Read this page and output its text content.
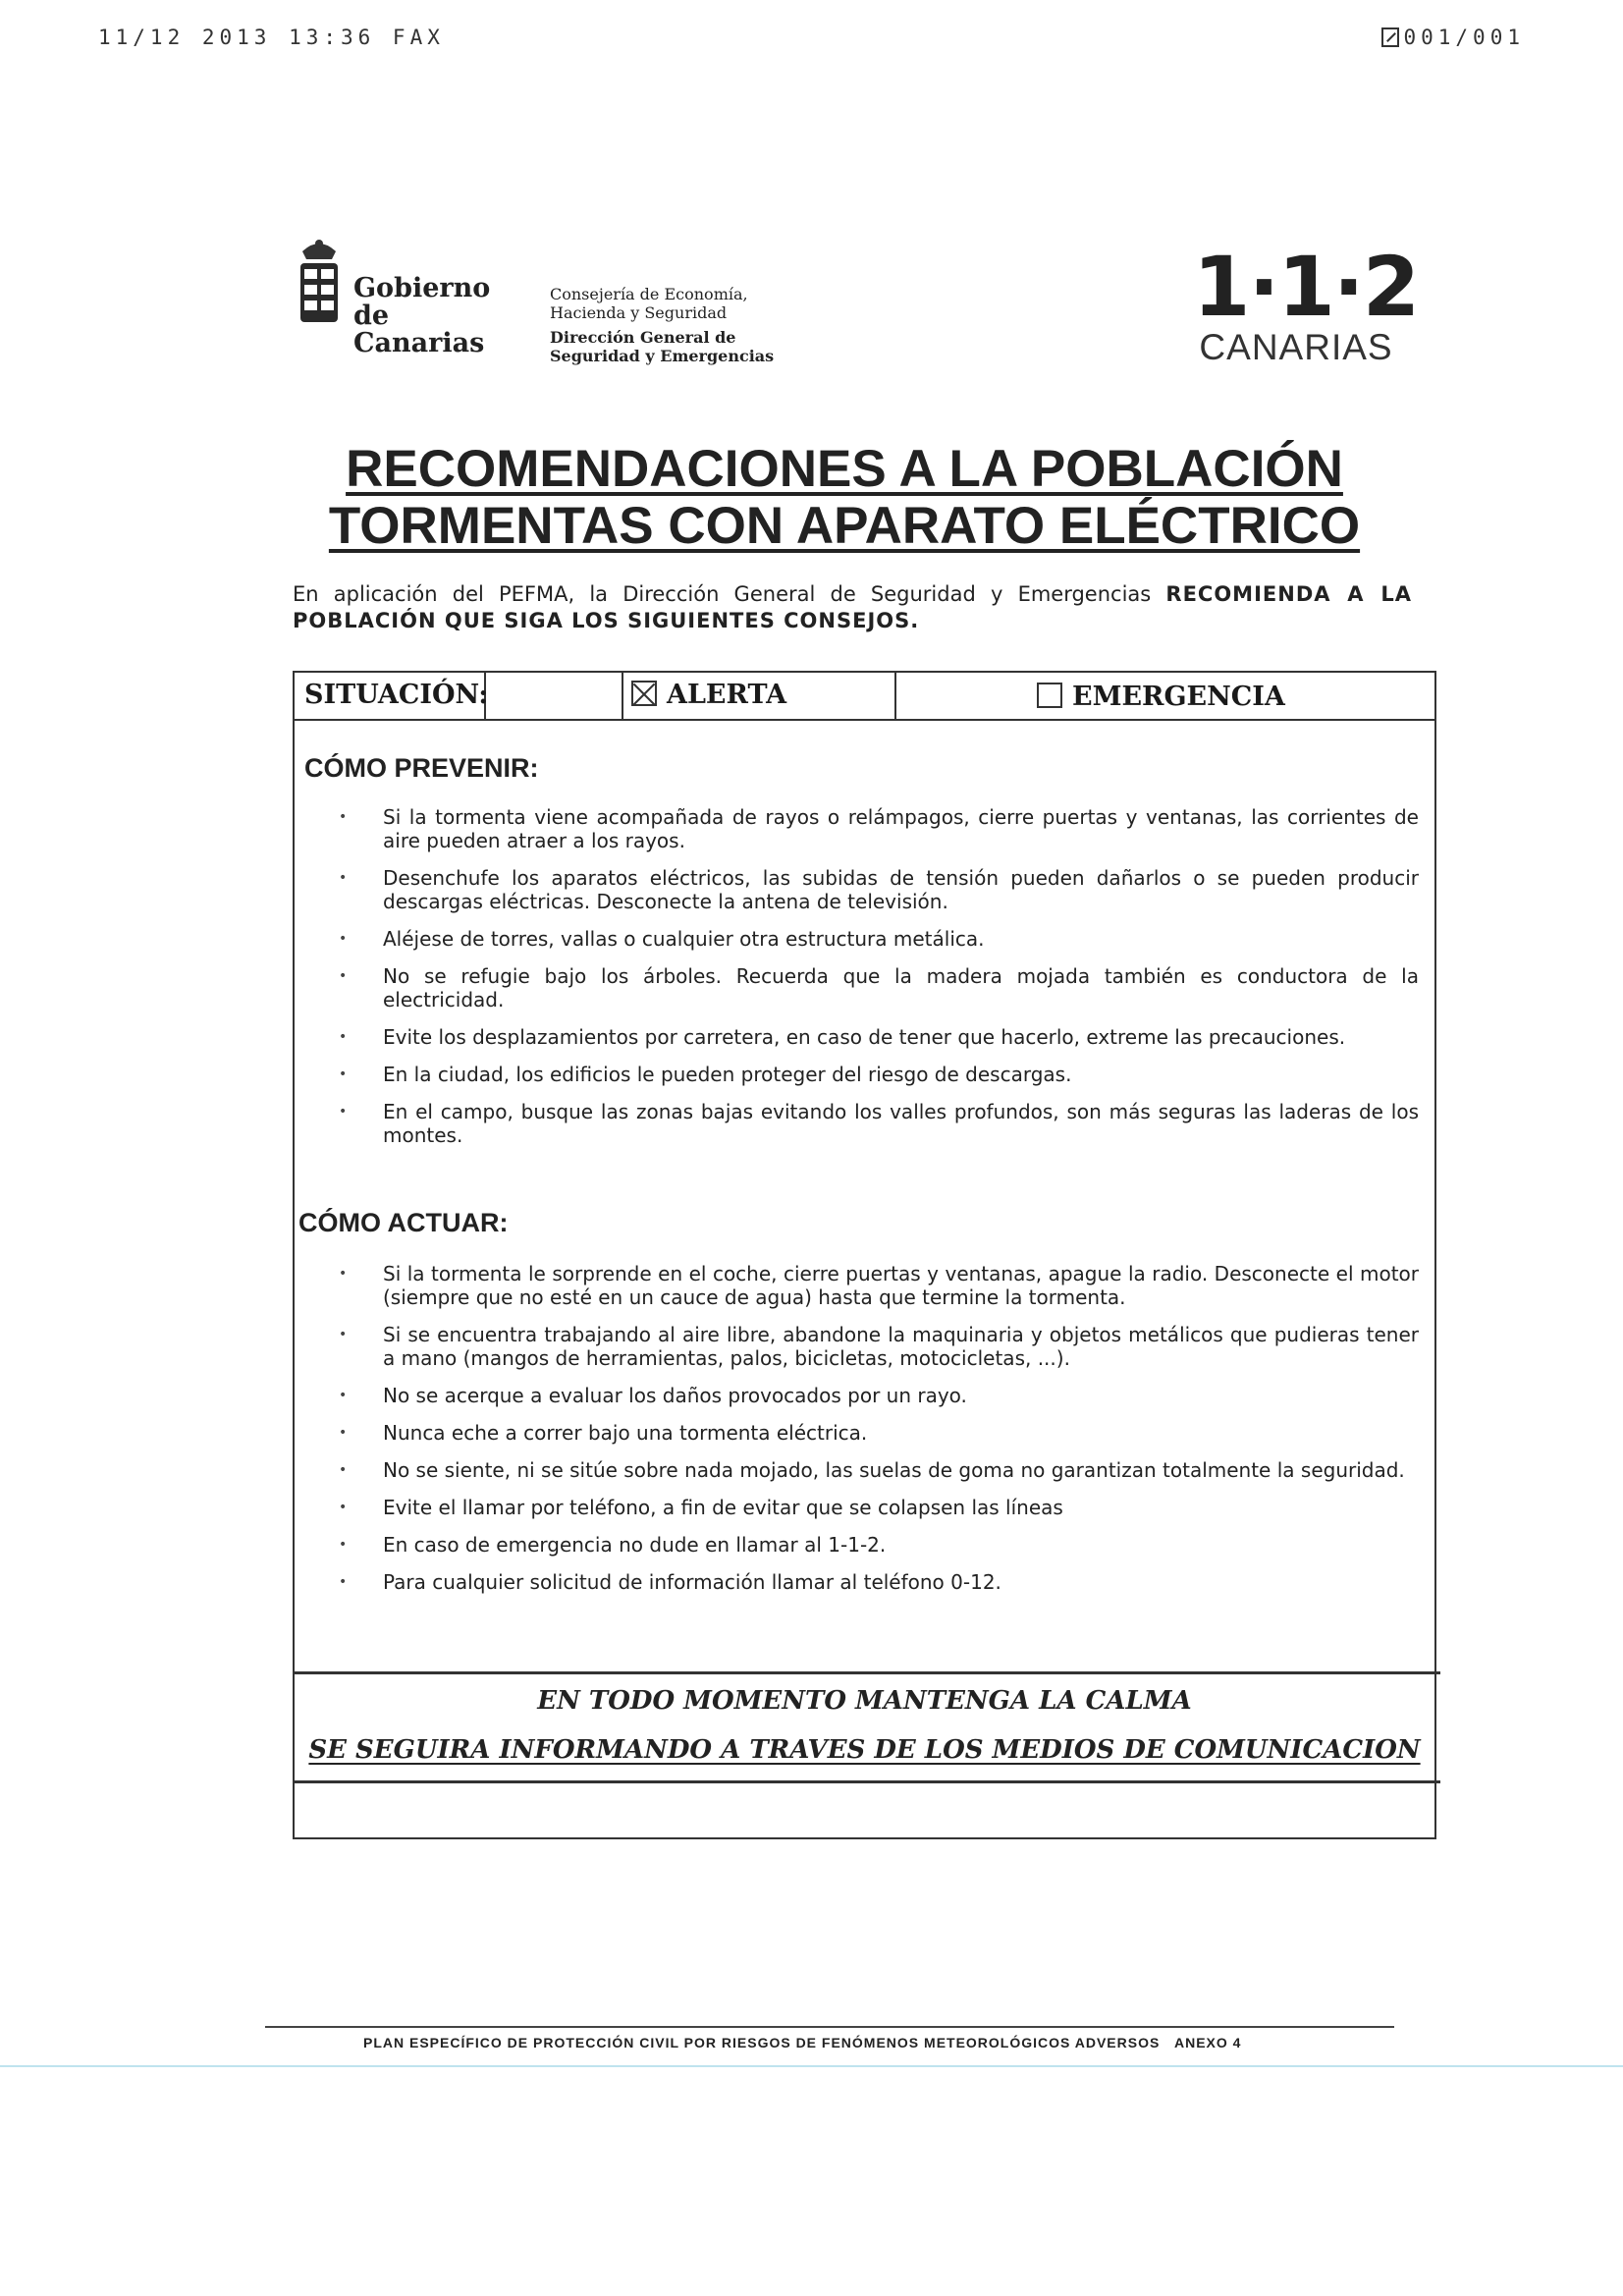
11/12 2013 13:36 FAX	001/001
Gobierno
de Canarias
Consejería de Economía,
Hacienda y Seguridad
Dirección General de
Seguridad y Emergencias
1·1·2
CANARIAS
RECOMENDACIONES A LA POBLACIÓN
TORMENTAS CON APARATO ELÉCTRICO
En aplicación del PEFMA, la Dirección General de Seguridad y Emergencias RECOMIENDA A LA POBLACIÓN QUE SIGA LOS SIGUIENTES CONSEJOS.
SITUACIÓN:	ALERTA	EMERGENCIA
CÓMO PREVENIR:
• Si la tormenta viene acompañada de rayos o relámpagos, cierre puertas y ventanas, las corrientes de aire pueden atraer a los rayos.
• Desenchufe los aparatos eléctricos, las subidas de tensión pueden dañarlos o se pueden producir descargas eléctricas. Desconecte la antena de televisión.
• Aléjese de torres, vallas o cualquier otra estructura metálica.
• No se refugie bajo los árboles. Recuerda que la madera mojada también es conductora de la electricidad.
• Evite los desplazamientos por carretera, en caso de tener que hacerlo, extreme las precauciones.
• En la ciudad, los edificios le pueden proteger del riesgo de descargas.
• En el campo, busque las zonas bajas evitando los valles profundos, son más seguras las laderas de los montes.
CÓMO ACTUAR:
• Si la tormenta le sorprende en el coche, cierre puertas y ventanas, apague la radio. Desconecte el motor (siempre que no esté en un cauce de agua) hasta que termine la tormenta.
• Si se encuentra trabajando al aire libre, abandone la maquinaria y objetos metálicos que pudieras tener a mano (mangos de herramientas, palos, bicicletas, motocicletas, ...).
• No se acerque a evaluar los daños provocados por un rayo.
• Nunca eche a correr bajo una tormenta eléctrica.
• No se siente, ni se sitúe sobre nada mojado, las suelas de goma no garantizan totalmente la seguridad.
• Evite el llamar por teléfono, a fin de evitar que se colapsen las líneas
• En caso de emergencia no dude en llamar al 1-1-2.
• Para cualquier solicitud de información llamar al teléfono 0-12.
EN TODO MOMENTO MANTENGA LA CALMA
SE SEGUIRA INFORMANDO A TRAVES DE LOS MEDIOS DE COMUNICACION
PLAN ESPECÍFICO DE PROTECCIÓN CIVIL POR RIESGOS DE FENÓMENOS METEOROLÓGICOS ADVERSOS ANEXO 4
